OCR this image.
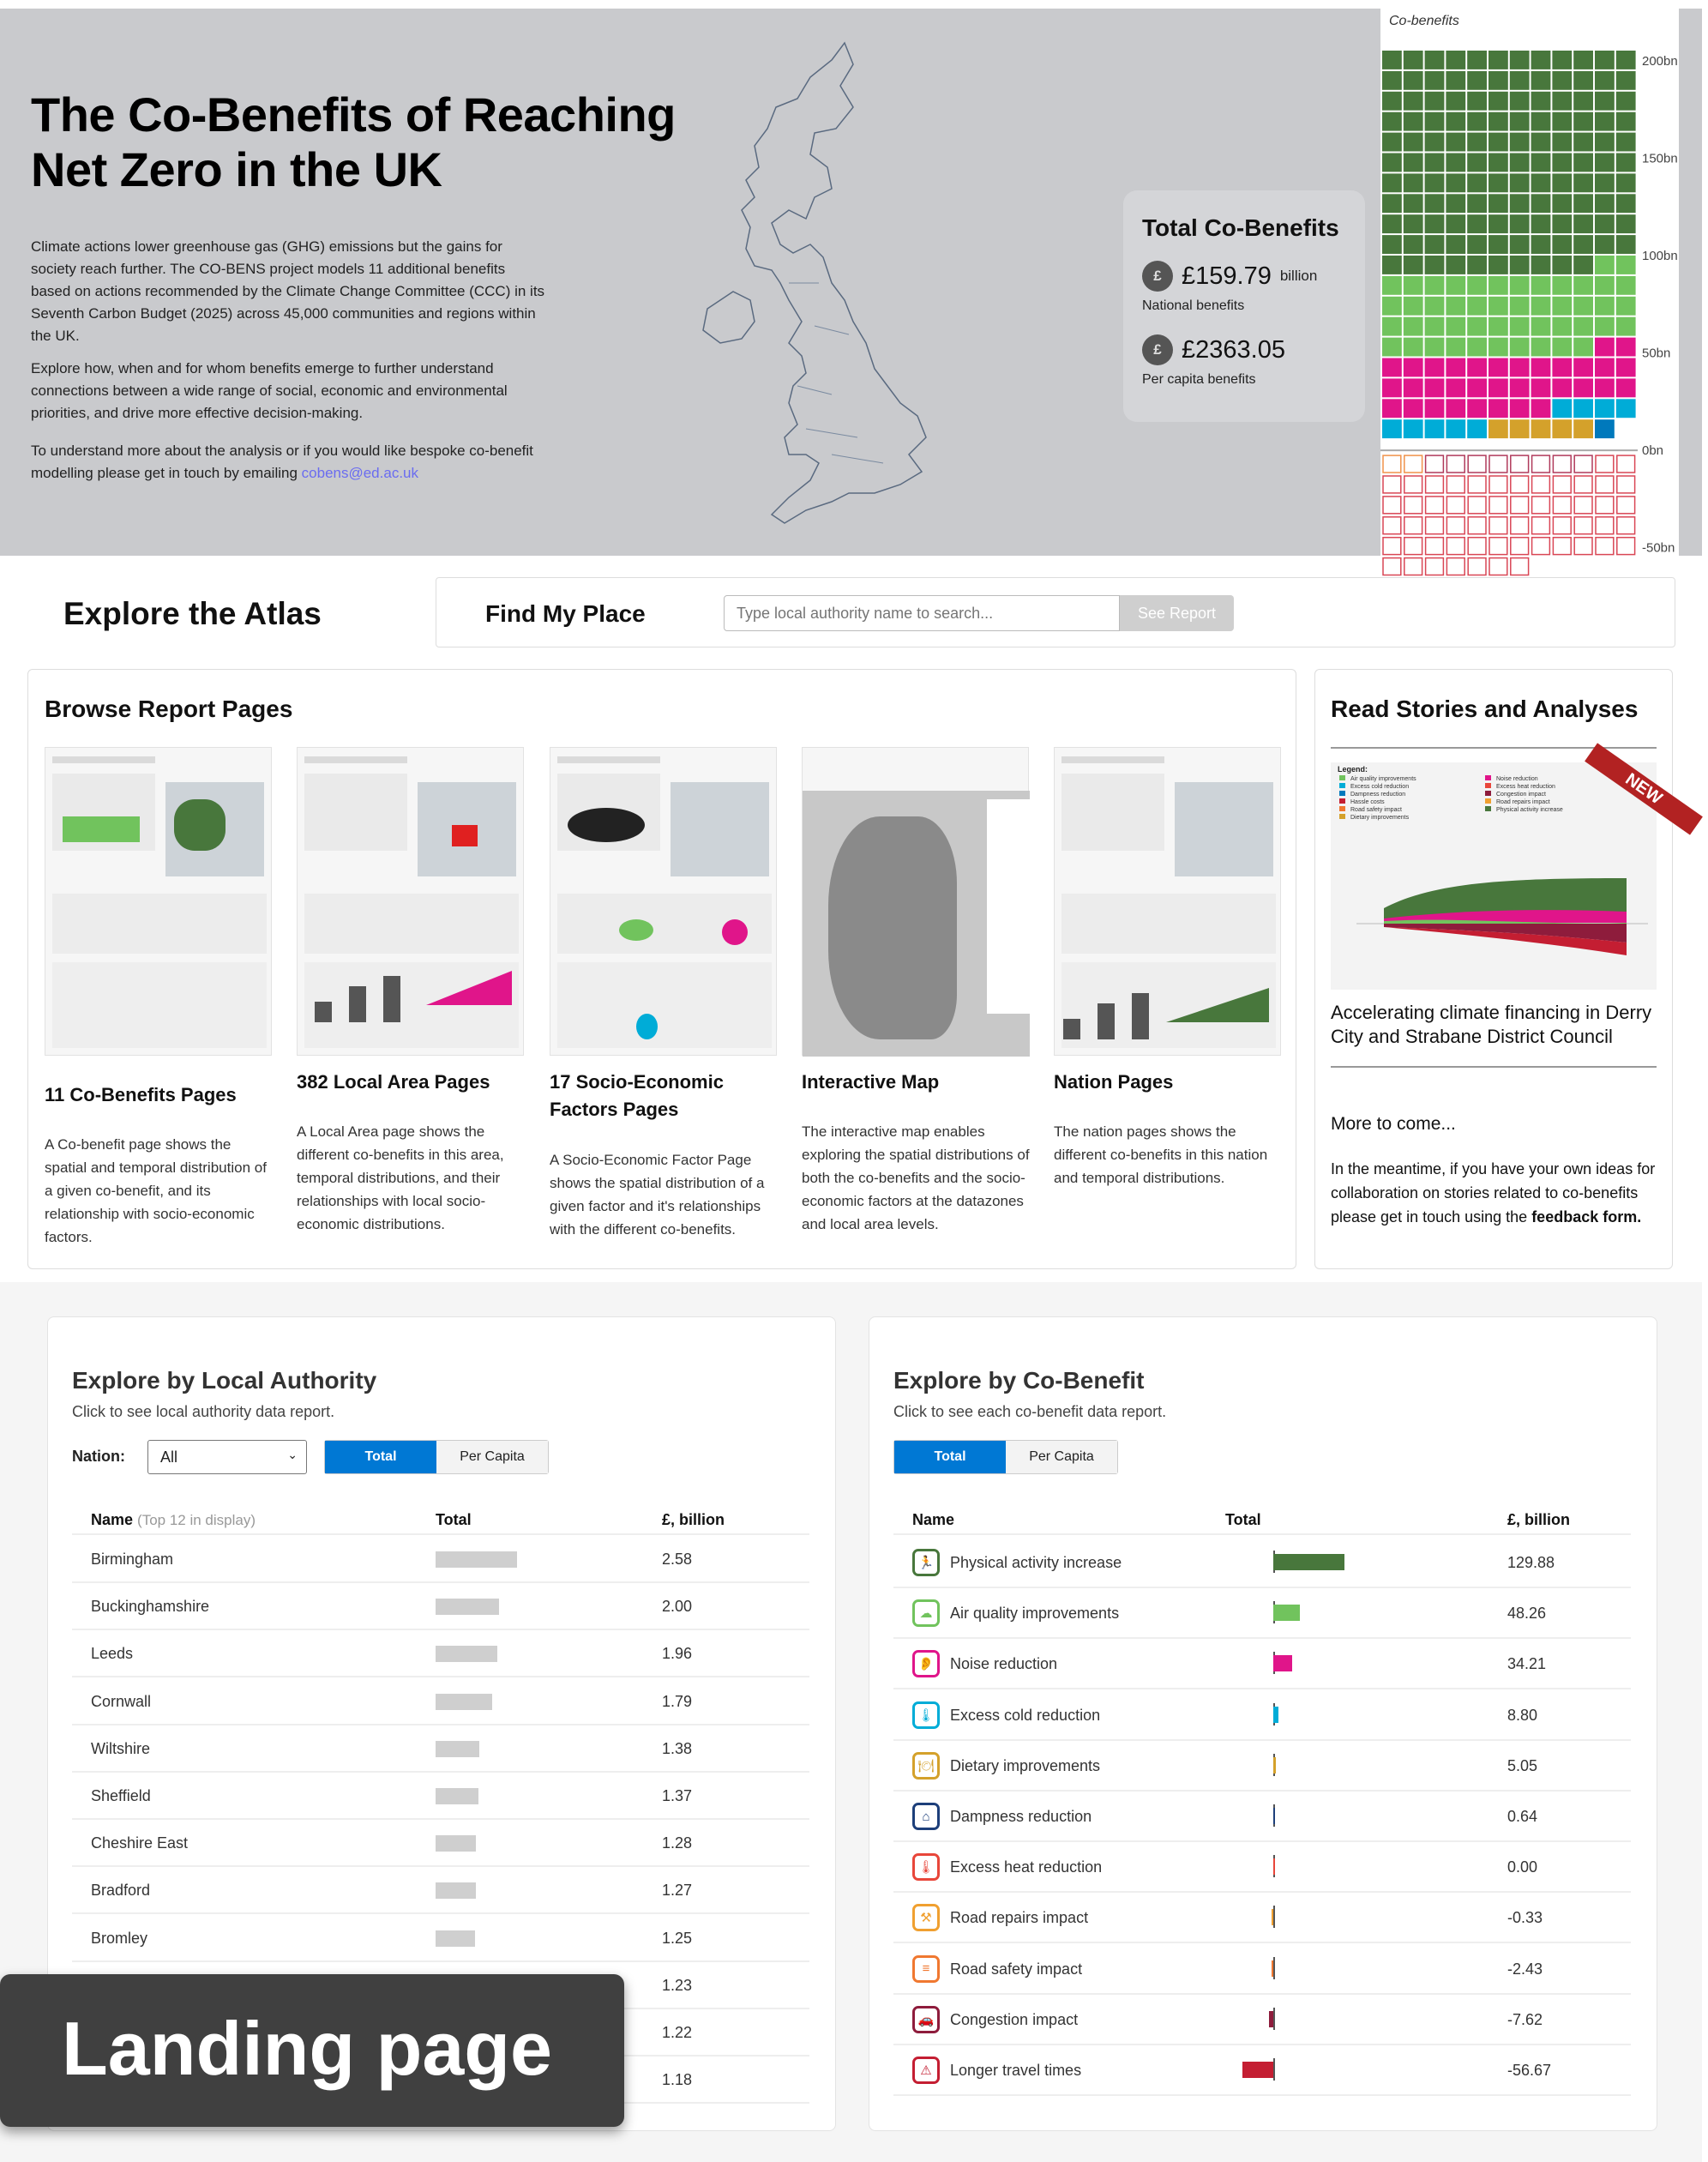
The Co-Benefits of Reaching Net Zero in the UK

Climate actions lower greenhouse gas (GHG) emissions but the gains for society reach further. The CO-BENS project models 11 additional benefits based on actions recommended by the Climate Change Committee (CCC) in its Seventh Carbon Budget (2025) across 45,000 communities and regions within the UK.

Explore how, when and for whom benefits emerge to further understand connections between a wide range of social, economic and environmental priorities, and drive more effective decision-making.

To understand more about the analysis or if you would like bespoke co-benefit modelling please get in touch by emailing cobens@ed.ac.uk

Total Co-Benefits
£ £159.79 billion
National benefits
£ £2363.05
Per capita benefits
Co-benefits
200bn
150bn
100bn
50bn
0bn
-50bn
Explore the Atlas	Find My Place
Type local authority name to search...	See Report
Browse Report Pages
11 Co-Benefits Pages
A Co-benefit page shows the spatial and temporal distribution of a given co-benefit, and its relationship with socio-economic factors.
382 Local Area Pages
A Local Area page shows the different co-benefits in this area, temporal distributions, and their relationships with local socio-economic distributions.
17 Socio-Economic Factors Pages
A Socio-Economic Factor Page shows the spatial distribution of a given factor and it's relationships with the different co-benefits.
Interactive Map
The interactive map enables exploring the spatial distributions of both the co-benefits and the socio-economic factors at the datazones and local area levels.
Nation Pages
The nation pages shows the different co-benefits in this nation and temporal distributions.
Read Stories and Analyses
Legend:
Air quality improvements
Excess cold reduction
Dampness reduction
Hassle costs
Road safety impact
Dietary improvements
Noise reduction
Excess heat reduction
Congestion impact
Road repairs impact
Physical activity increase
NEW
Accelerating climate financing in Derry City and Strabane District Council
More to come...
In the meantime, if you have your own ideas for collaboration on stories related to co-benefits please get in touch using the feedback form.
Explore by Local Authority
Click to see local authority data report.
Nation:	All	⌄	Total	Per Capita
Name (Top 12 in display)	Total	£, billion
Birmingham	2.58
Buckinghamshire	2.00
Leeds	1.96
Cornwall	1.79
Wiltshire	1.38
Sheffield	1.37
Cheshire East	1.28
Bradford	1.27
Bromley	1.25
1.23
1.22
1.18
Explore by Co-Benefit
Click to see each co-benefit data report.
Total	Per Capita
Name	Total	£, billion
🏃	Physical activity increase	129.88
☁	Air quality improvements	48.26
👂	Noise reduction	34.21
🌡	Excess cold reduction	8.80
🍽	Dietary improvements	5.05
⌂	Dampness reduction	0.64
🌡	Excess heat reduction	0.00
⚒	Road repairs impact	-0.33
≡	Road safety impact	-2.43
🚗	Congestion impact	-7.62
⚠	Longer travel times	-56.67
Landing page
